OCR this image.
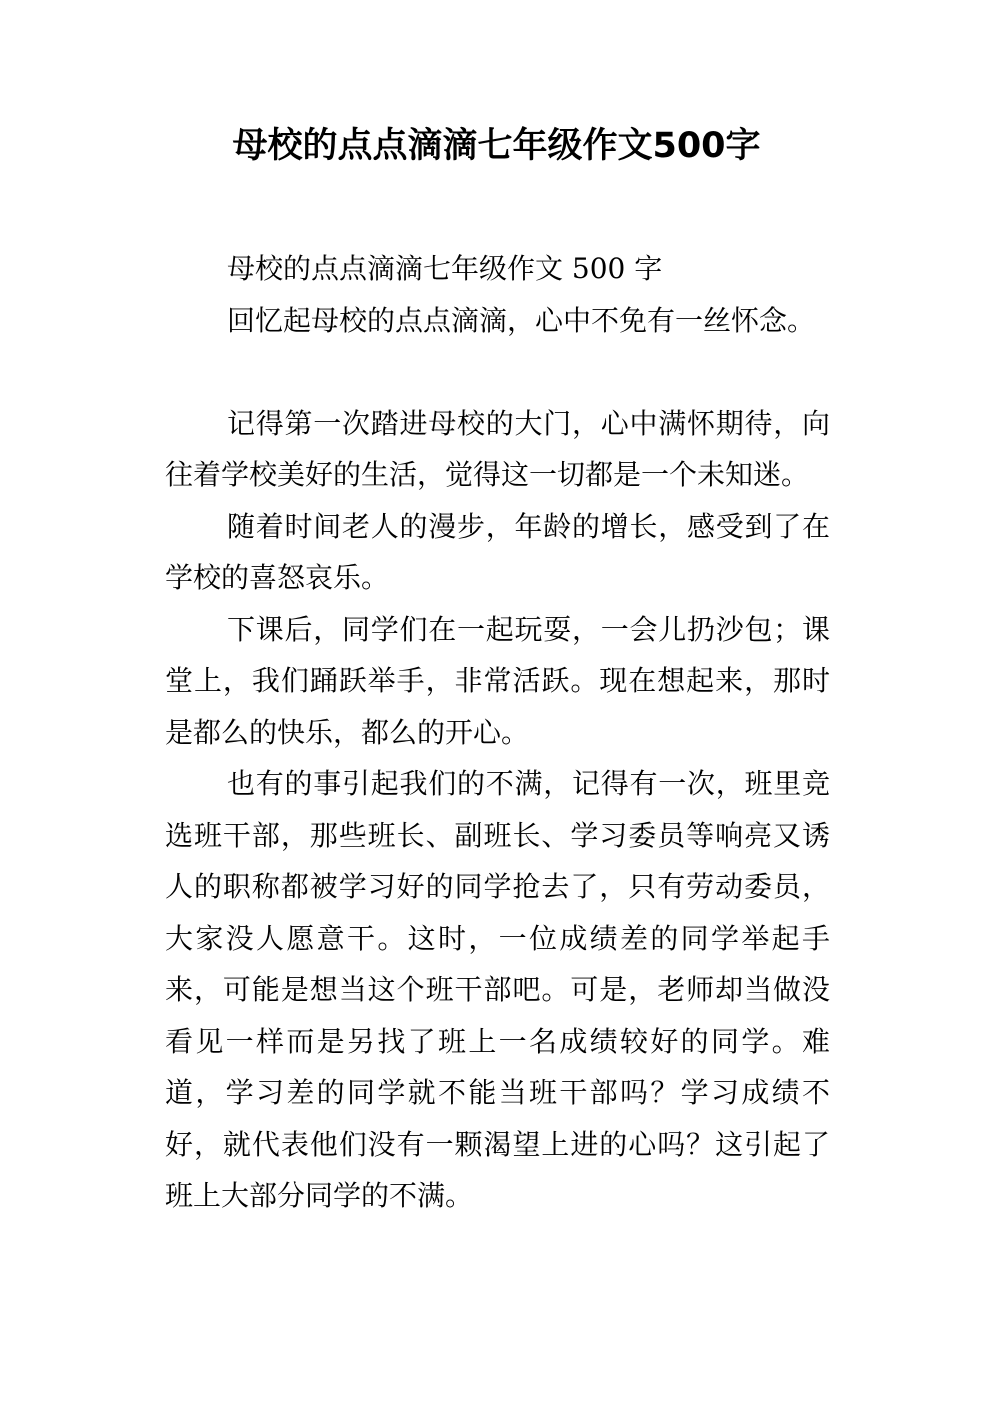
母校的点点滴滴七年级作文500字

母校的点点滴滴七年级作文 500 字

回忆起母校的点点滴滴，心中不免有一丝怀念。

记得第一次踏进母校的大门，心中满怀期待，向往着学校美好的生活，觉得这一切都是一个未知迷。

随着时间老人的漫步，年龄的增长，感受到了在学校的喜怒哀乐。

下课后，同学们在一起玩耍，一会儿扔沙包；课堂上，我们踊跃举手，非常活跃。现在想起来，那时是都么的快乐，都么的开心。

也有的事引起我们的不满，记得有一次，班里竞选班干部，那些班长、副班长、学习委员等响亮又诱人的职称都被学习好的同学抢去了，只有劳动委员，大家没人愿意干。这时，一位成绩差的同学举起手来，可能是想当这个班干部吧。可是，老师却当做没看见一样而是另找了班上一名成绩较好的同学。难道，学习差的同学就不能当班干部吗？学习成绩不好，就代表他们没有一颗渴望上进的心吗？这引起了班上大部分同学的不满。
